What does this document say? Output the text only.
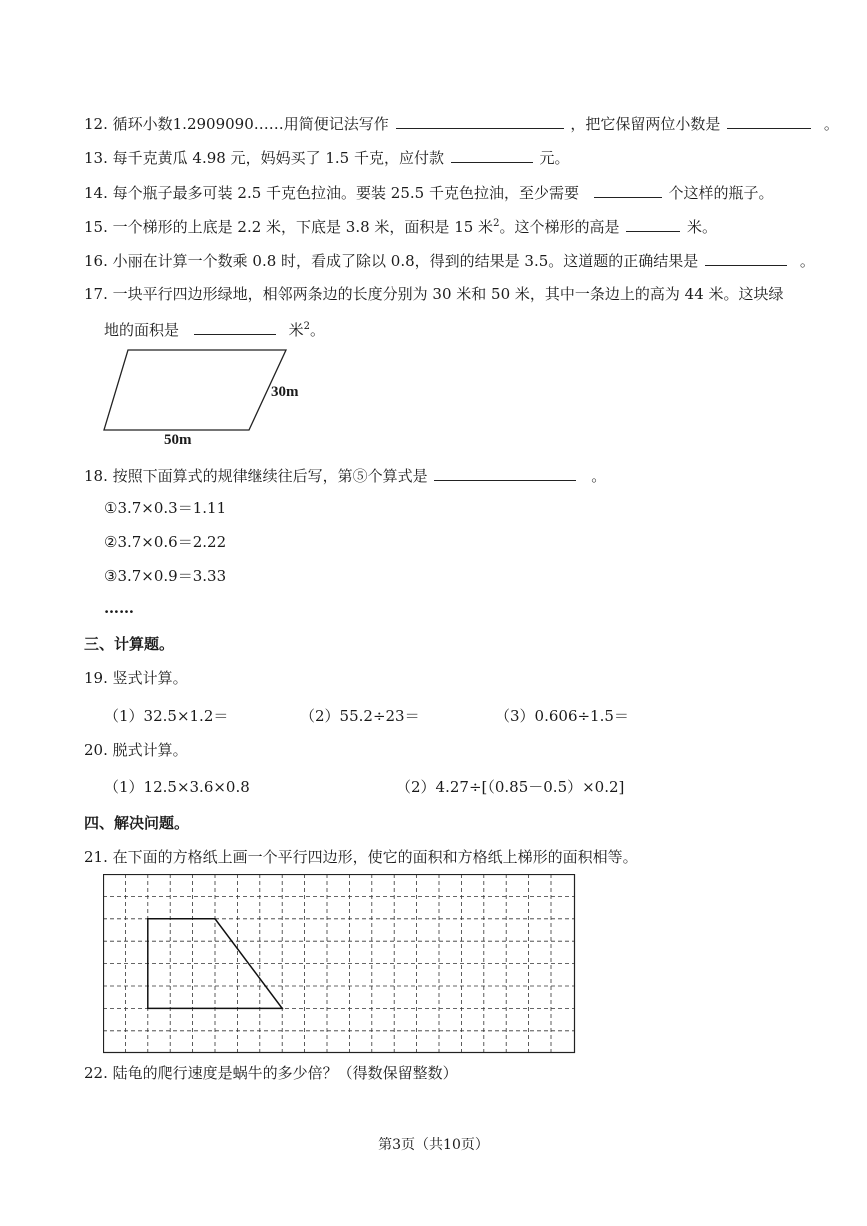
12. 循环小数1.2909090……用简便记法写作	，把它保留两位小数是	。
13. 每千克黄瓜 4.98 元，妈妈买了 1.5 千克，应付款	元。
14. 每个瓶子最多可装 2.5 千克色拉油。要装 25.5 千克色拉油，至少需要	个这样的瓶子。
15. 一个梯形的上底是 2.2 米，下底是 3.8 米，面积是 15 米$^2$。这个梯形的高是	米。
16. 小丽在计算一个数乘 0.8 时，看成了除以 0.8，得到的结果是 3.5。这道题的正确结果是	。
17. 一块平行四边形绿地，相邻两条边的长度分别为 30 米和 50 米，其中一条边上的高为 44 米。这块绿
地的面积是	米$^2$。
30m
50m
18. 按照下面算式的规律继续往后写，第⑤个算式是	。
①3.7×0.3＝1.11
②3.7×0.6＝2.22
③3.7×0.9＝3.33
……
三、计算题。
19. 竖式计算。
（1）32.5×1.2＝	（2）55.2÷23＝	（3）0.606÷1.5＝
20. 脱式计算。
（1）12.5×3.6×0.8	（2）4.27÷[（0.85－0.5）×0.2]
四、解决问题。
21. 在下面的方格纸上画一个平行四边形，使它的面积和方格纸上梯形的面积相等。
22. 陆龟的爬行速度是蜗牛的多少倍？（得数保留整数）
第3页（共10页）
